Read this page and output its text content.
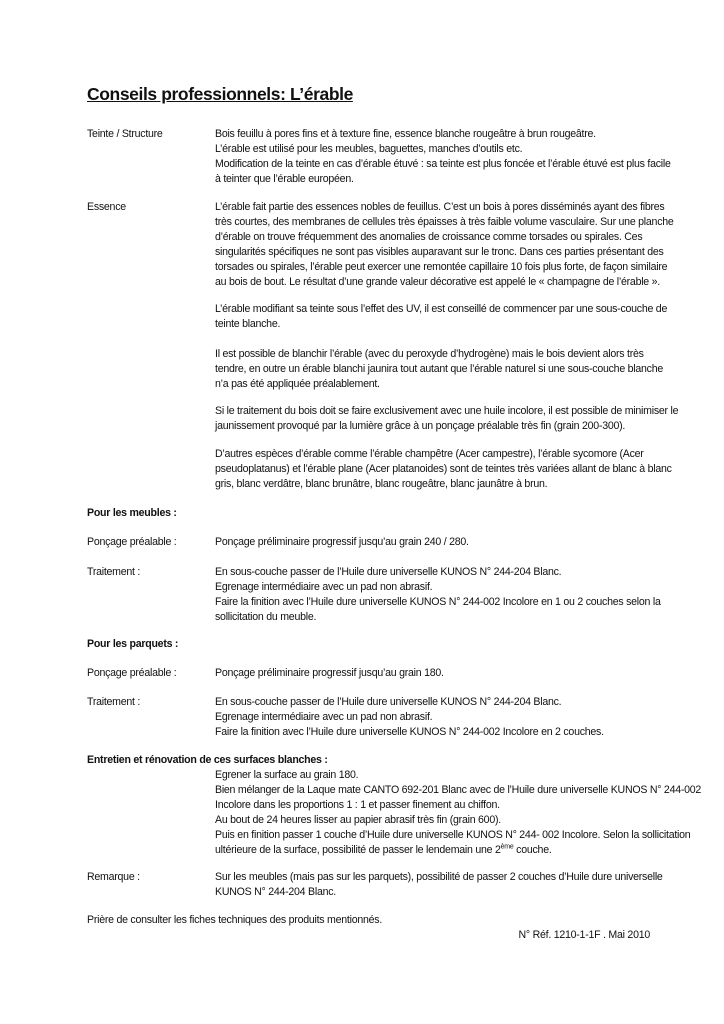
Conseils professionnels: L’érable
Teinte / Structure	Bois feuillu à pores fins et à texture fine, essence blanche rougeâtre à brun rougeâtre.
L’érable est utilisé pour les meubles, baguettes, manches d’outils etc.
Modification de la teinte en cas d’érable étuvé : sa teinte est plus foncée et l’érable étuvé est plus facile
à teinter que l’érable européen.
Essence	L’érable fait partie des essences nobles de feuillus. C’est un bois à pores disséminés ayant des fibres
très courtes, des membranes de cellules très épaisses à très faible volume vasculaire. Sur une planche
d’érable on trouve fréquemment des anomalies de croissance comme torsades ou spirales. Ces
singularités spécifiques ne sont pas visibles auparavant sur le tronc. Dans ces parties présentant des
torsades ou spirales, l’érable peut exercer une remontée capillaire 10 fois plus forte, de façon similaire
au bois de bout. Le résultat d’une grande valeur décorative est appelé le « champagne de l’érable ».
L’érable modifiant sa teinte sous l’effet des UV, il est conseillé de commencer par une sous-couche de
teinte blanche.
Il est possible de blanchir l’érable (avec du peroxyde d’hydrogène) mais le bois devient alors très
tendre, en outre un érable blanchi jaunira tout autant que l’érable naturel si une sous-couche blanche
n’a pas été appliquée préalablement.
Si le traitement du bois doit se faire exclusivement avec une huile incolore, il est possible de minimiser le
jaunissement provoqué par la lumière grâce à un ponçage préalable très fin (grain 200-300).
D’autres espèces d’érable comme l’érable champêtre (Acer campestre), l’érable sycomore (Acer
pseudoplatanus) et l’érable plane (Acer platanoides) sont de teintes très variées allant de blanc à blanc
gris, blanc verdâtre, blanc brunâtre, blanc rougeâtre, blanc jaunâtre à brun.
Pour les meubles :
Ponçage préalable :	Ponçage préliminaire progressif jusqu’au grain 240 / 280.
Traitement :	En sous-couche passer de l’Huile dure universelle KUNOS N° 244-204 Blanc.
Egrenage intermédiaire avec un pad non abrasif.
Faire la finition avec l’Huile dure universelle KUNOS N° 244-002 Incolore en 1 ou 2 couches selon la
sollicitation du meuble.
Pour les parquets :
Ponçage préalable :	Ponçage préliminaire progressif jusqu’au grain 180.
Traitement :	En sous-couche passer de l’Huile dure universelle KUNOS N° 244-204 Blanc.
Egrenage intermédiaire avec un pad non abrasif.
Faire la finition avec l’Huile dure universelle KUNOS N° 244-002 Incolore en 2 couches.
Entretien et rénovation de ces surfaces blanches :
Egrener la surface au grain 180.
Bien mélanger de la Laque mate CANTO 692-201 Blanc avec de l’Huile dure universelle KUNOS N° 244-002
Incolore dans les proportions 1 : 1 et passer finement au chiffon.
Au bout de 24 heures lisser au papier abrasif très fin (grain 600).
Puis en finition passer 1 couche d’Huile dure universelle KUNOS N° 244- 002 Incolore. Selon la sollicitation
ultérieure de la surface, possibilité de passer le lendemain une 2ème couche.
Remarque :	Sur les meubles (mais pas sur les parquets), possibilité de passer 2 couches d’Huile dure universelle
KUNOS N° 244-204 Blanc.
Prière de consulter les fiches techniques des produits mentionnés.
N° Réf. 1210-1-1F . Mai 2010
